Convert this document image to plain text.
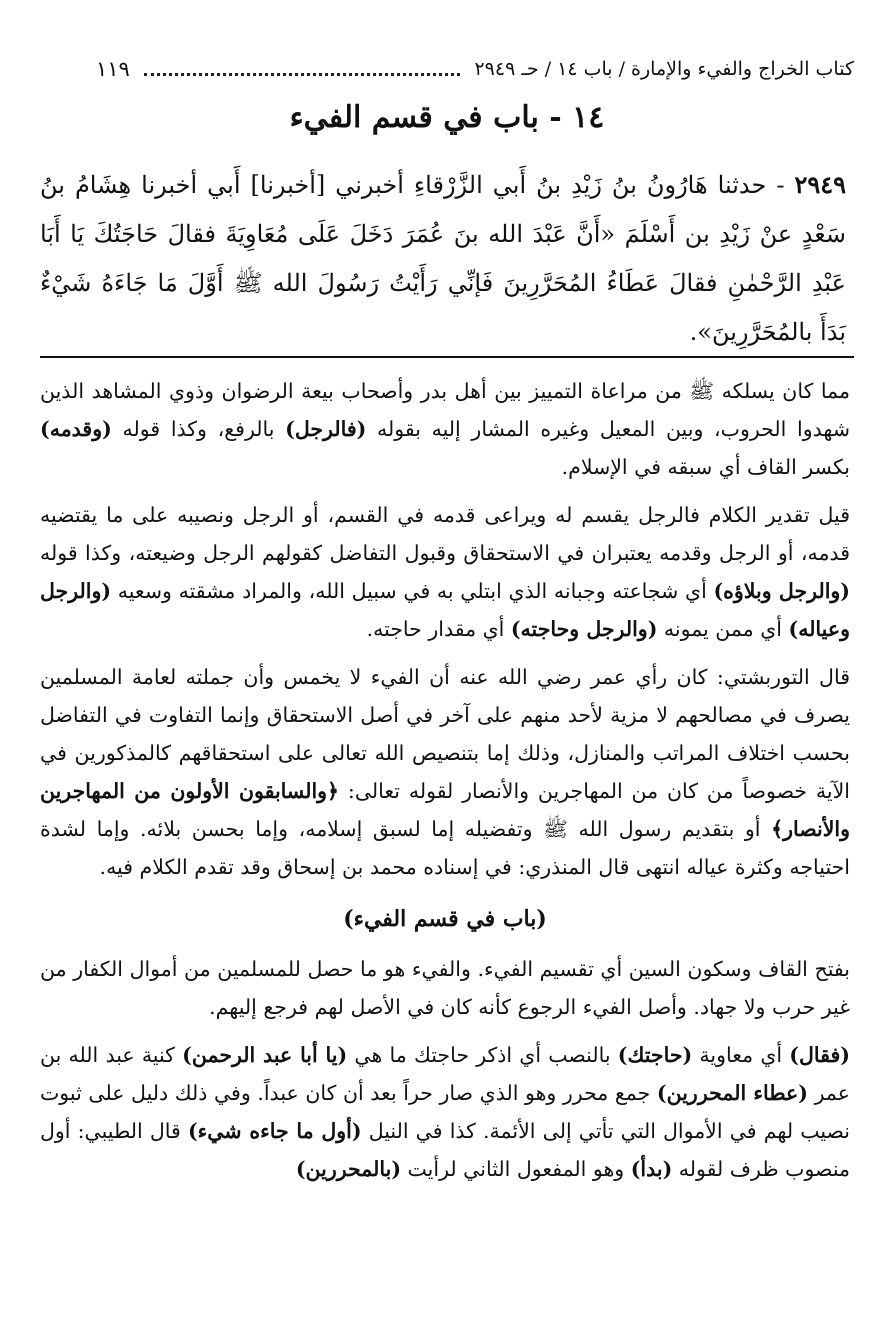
كتاب الخراج والفيء والإمارة / باب ١٤ / حـ ٢٩٤٩
١١٩
١٤ - باب في قسم الفيء
٢٩٤٩ - حدثنا هَارُونُ بنُ زَيْدِ بنُ أَبي الزَّرْقاءِ أخبرني [أخبرنا] أَبي أخبرنا هِشَامُ بنُ سَعْدٍ عنْ زَيْدِ بن أَسْلَمَ «أَنَّ عَبْدَ الله بنَ عُمَرَ دَخَلَ عَلَى مُعَاوِيَةَ فقالَ حَاجَتُكَ يَا أَبَا عَبْدِ الرَّحْمٰنِ فقالَ عَطَاءُ المُحَرَّرِينَ فَإنِّي رَأَيْتُ رَسُولَ الله ﷺ أَوَّلَ مَا جَاءَهُ شَيْءٌ بَدَأَ بالمُحَرَّرِينَ».

مما كان يسلكه ﷺ من مراعاة التمييز بين أهل بدر وأصحاب بيعة الرضوان وذوي المشاهد الذين شهدوا الحروب، وبين المعيل وغيره المشار إليه بقوله (فالرجل) بالرفع، وكذا قوله (وقدمه) بكسر القاف أي سبقه في الإسلام.

قيل تقدير الكلام فالرجل يقسم له ويراعى قدمه في القسم، أو الرجل ونصيبه على ما يقتضيه قدمه، أو الرجل وقدمه يعتبران في الاستحقاق وقبول التفاضل كقولهم الرجل وضيعته، وكذا قوله (والرجل وبلاؤه) أي شجاعته وجبانه الذي ابتلي به في سبيل الله، والمراد مشقته وسعيه (والرجل وعياله) أي ممن يمونه (والرجل وحاجته) أي مقدار حاجته.

قال التوربشتي: كان رأي عمر رضي الله عنه أن الفيء لا يخمس وأن جملته لعامة المسلمين يصرف في مصالحهم لا مزية لأحد منهم على آخر في أصل الاستحقاق وإنما التفاوت في التفاضل بحسب اختلاف المراتب والمنازل، وذلك إما بتنصيص الله تعالى على استحقاقهم كالمذكورين في الآية خصوصاً من كان من المهاجرين والأنصار لقوله تعالى: ﴿والسابقون الأولون من المهاجرين والأنصار﴾ أو بتقديم رسول الله ﷺ وتفضيله إما لسبق إسلامه، وإما بحسن بلائه. وإما لشدة احتياجه وكثرة عياله انتهى قال المنذري: في إسناده محمد بن إسحاق وقد تقدم الكلام فيه.

(باب في قسم الفيء)

بفتح القاف وسكون السين أي تقسيم الفيء. والفيء هو ما حصل للمسلمين من أموال الكفار من غير حرب ولا جهاد. وأصل الفيء الرجوع كأنه كان في الأصل لهم فرجع إليهم.

(فقال) أي معاوية (حاجتك) بالنصب أي اذكر حاجتك ما هي (يا أبا عبد الرحمن) كنية عبد الله بن عمر (عطاء المحررين) جمع محرر وهو الذي صار حراً بعد أن كان عبداً. وفي ذلك دليل على ثبوت نصيب لهم في الأموال التي تأتي إلى الأئمة. كذا في النيل (أول ما جاءه شيء) قال الطيبي: أول منصوب ظرف لقوله (بدأ) وهو المفعول الثاني لرأيت (بالمحررين)
